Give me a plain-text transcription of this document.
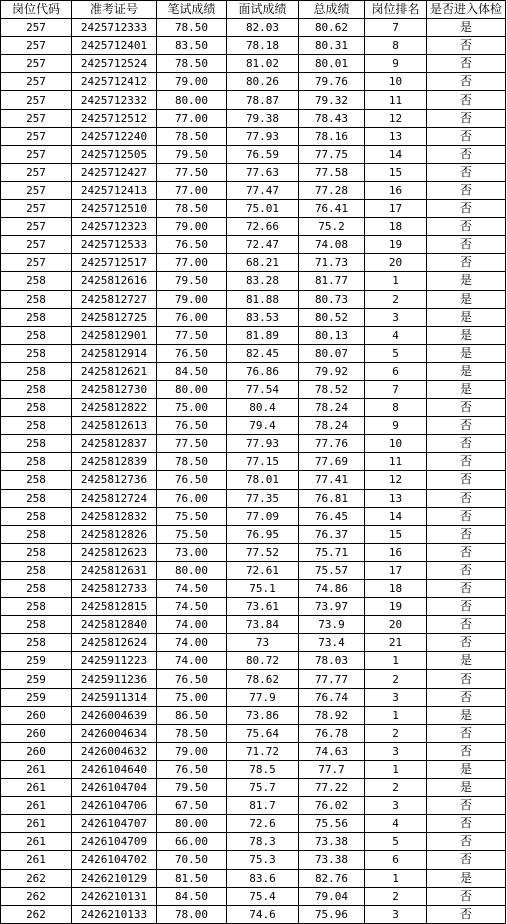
岗位代码	准考证号	笔试成绩	面试成绩	总成绩	岗位排名	是否进入体检
257	2425712333	78.50	82.03	80.62	7	是
257	2425712401	83.50	78.18	80.31	8	否
257	2425712524	78.50	81.02	80.01	9	否
257	2425712412	79.00	80.26	79.76	10	否
257	2425712332	80.00	78.87	79.32	11	否
257	2425712512	77.00	79.38	78.43	12	否
257	2425712240	78.50	77.93	78.16	13	否
257	2425712505	79.50	76.59	77.75	14	否
257	2425712427	77.50	77.63	77.58	15	否
257	2425712413	77.00	77.47	77.28	16	否
257	2425712510	78.50	75.01	76.41	17	否
257	2425712323	79.00	72.66	75.2	18	否
257	2425712533	76.50	72.47	74.08	19	否
257	2425712517	77.00	68.21	71.73	20	否
258	2425812616	79.50	83.28	81.77	1	是
258	2425812727	79.00	81.88	80.73	2	是
258	2425812725	76.00	83.53	80.52	3	是
258	2425812901	77.50	81.89	80.13	4	是
258	2425812914	76.50	82.45	80.07	5	是
258	2425812621	84.50	76.86	79.92	6	是
258	2425812730	80.00	77.54	78.52	7	是
258	2425812822	75.00	80.4	78.24	8	否
258	2425812613	76.50	79.4	78.24	9	否
258	2425812837	77.50	77.93	77.76	10	否
258	2425812839	78.50	77.15	77.69	11	否
258	2425812736	76.50	78.01	77.41	12	否
258	2425812724	76.00	77.35	76.81	13	否
258	2425812832	75.50	77.09	76.45	14	否
258	2425812826	75.50	76.95	76.37	15	否
258	2425812623	73.00	77.52	75.71	16	否
258	2425812631	80.00	72.61	75.57	17	否
258	2425812733	74.50	75.1	74.86	18	否
258	2425812815	74.50	73.61	73.97	19	否
258	2425812840	74.00	73.84	73.9	20	否
258	2425812624	74.00	73	73.4	21	否
259	2425911223	74.00	80.72	78.03	1	是
259	2425911236	76.50	78.62	77.77	2	否
259	2425911314	75.00	77.9	76.74	3	否
260	2426004639	86.50	73.86	78.92	1	是
260	2426004634	78.50	75.64	76.78	2	否
260	2426004632	79.00	71.72	74.63	3	否
261	2426104640	76.50	78.5	77.7	1	是
261	2426104704	79.50	75.7	77.22	2	是
261	2426104706	67.50	81.7	76.02	3	否
261	2426104707	80.00	72.6	75.56	4	否
261	2426104709	66.00	78.3	73.38	5	否
261	2426104702	70.50	75.3	73.38	6	否
262	2426210129	81.50	83.6	82.76	1	是
262	2426210131	84.50	75.4	79.04	2	否
262	2426210133	78.00	74.6	75.96	3	否
